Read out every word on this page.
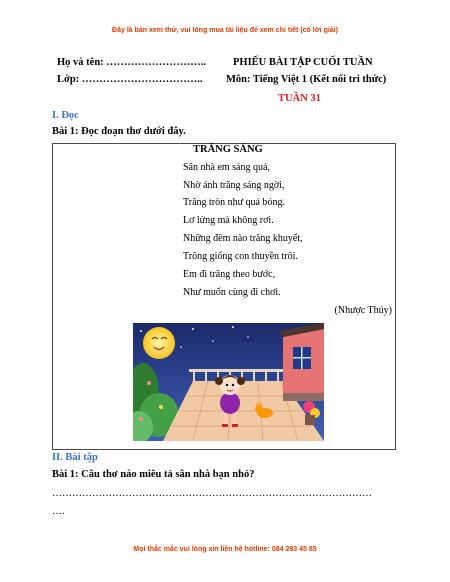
Đây là bản xem thử, vui lòng mua tài liệu để xem chi tiết (có lời giải)
Họ và tên: ………………………..
Lớp: ……………………………..
PHIẾU BÀI TẬP CUỐI TUẦN
Môn: Tiếng Việt 1 (Kết nối tri thức)
TUẦN 31
I. Đọc
Bài 1: Đọc đoạn thơ dưới đây.
TRĂNG SÁNG
Sân nhà em sáng quá,
Nhờ ánh trăng sáng ngời,
Trăng tròn như quả bóng.
Lơ lửng mà không rơi.
Những đêm nào trăng khuyết,
Trông giống con thuyền trôi.
Em đi trăng theo bước,
Như muốn cùng đi chơi.
(Nhược Thúy)
II. Bài tập
Bài 1: Câu thơ nào miêu tả sân nhà bạn nhỏ?
……………………………………………………………………………………
….
Mọi thắc mắc vui lòng xin liên hệ hotline: 084 283 45 85
